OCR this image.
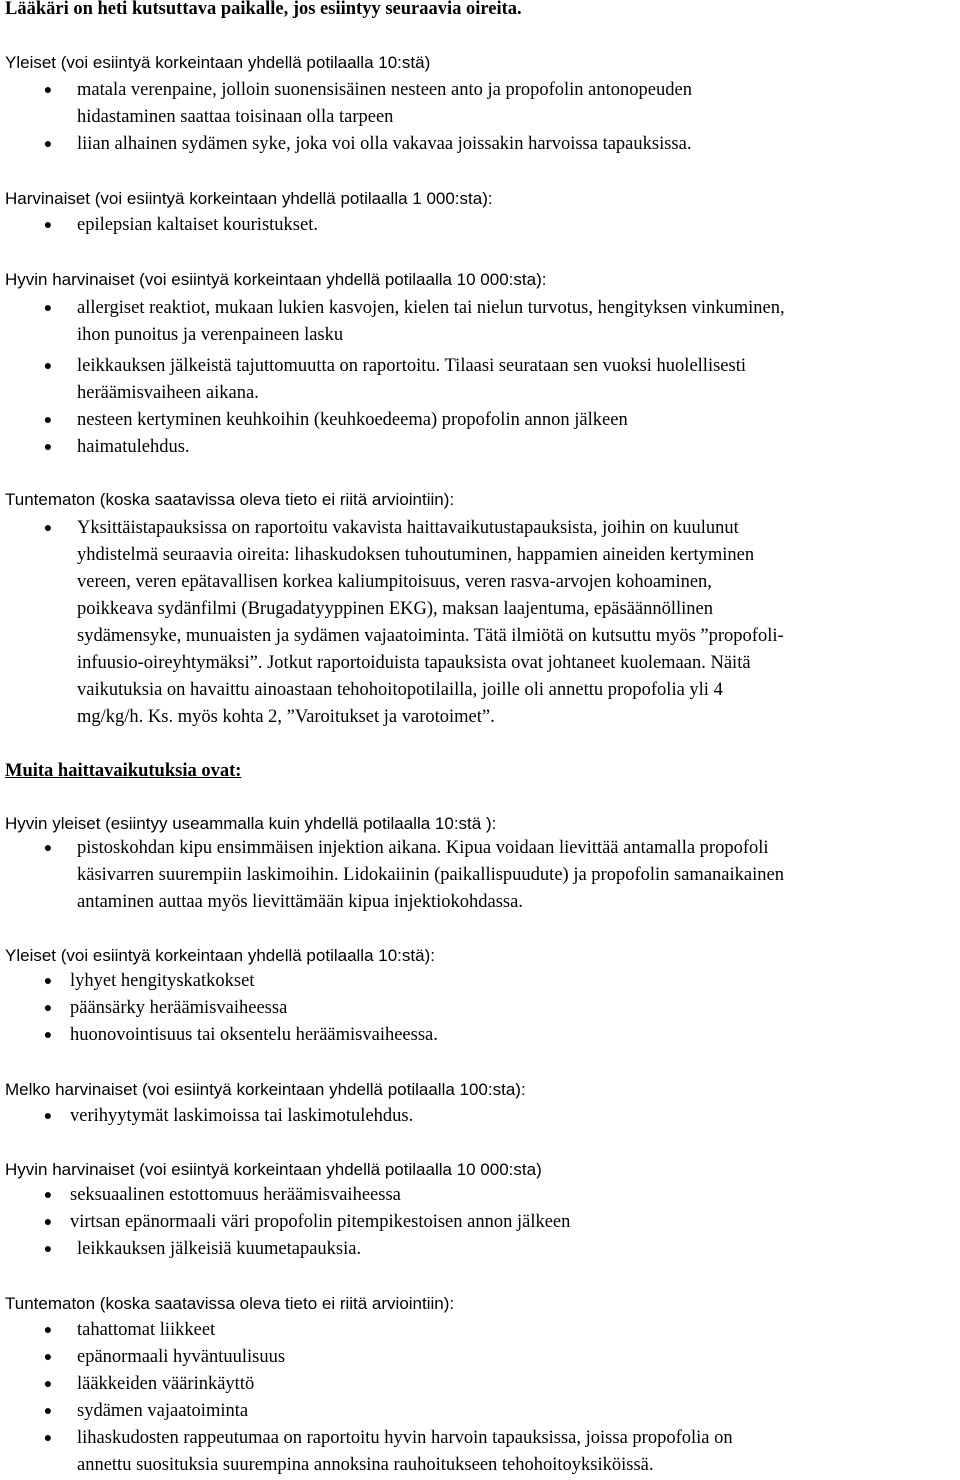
Lääkäri on heti kutsuttava paikalle, jos esiintyy seuraavia oireita.
Yleiset (voi esiintyä korkeintaan yhdellä potilaalla 10:stä)
● matala verenpaine, jolloin suonensisäinen nesteen anto ja propofolin antonopeuden
hidastaminen saattaa toisinaan olla tarpeen
● liian alhainen sydämen syke, joka voi olla vakavaa joissakin harvoissa tapauksissa.
Harvinaiset (voi esiintyä korkeintaan yhdellä potilaalla 1 000:sta):
● epilepsian kaltaiset kouristukset.
Hyvin harvinaiset (voi esiintyä korkeintaan yhdellä potilaalla 10 000:sta):
● allergiset reaktiot, mukaan lukien kasvojen, kielen tai nielun turvotus, hengityksen vinkuminen,
ihon punoitus ja verenpaineen lasku
● leikkauksen jälkeistä tajuttomuutta on raportoitu. Tilaasi seurataan sen vuoksi huolellisesti
heräämisvaiheen aikana.
● nesteen kertyminen keuhkoihin (keuhkoedeema) propofolin annon jälkeen
● haimatulehdus.
Tuntematon (koska saatavissa oleva tieto ei riitä arviointiin):
● Yksittäistapauksissa on raportoitu vakavista haittavaikutustapauksista, joihin on kuulunut
yhdistelmä seuraavia oireita: lihaskudoksen tuhoutuminen, happamien aineiden kertyminen
vereen, veren epätavallisen korkea kaliumpitoisuus, veren rasva-arvojen kohoaminen,
poikkeava sydänfilmi (Brugadatyyppinen EKG), maksan laajentuma, epäsäännöllinen
sydämensyke, munuaisten ja sydämen vajaatoiminta. Tätä ilmiötä on kutsuttu myös ”propofoli-
infuusio-oireyhtymäksi”. Jotkut raportoiduista tapauksista ovat johtaneet kuolemaan. Näitä
vaikutuksia on havaittu ainoastaan tehohoitopotilailla, joille oli annettu propofolia yli 4
mg/kg/h. Ks. myös kohta 2, ”Varoitukset ja varotoimet”.
Muita haittavaikutuksia ovat:
Hyvin yleiset (esiintyy useammalla kuin yhdellä potilaalla 10:stä ):
● pistoskohdan kipu ensimmäisen injektion aikana. Kipua voidaan lievittää antamalla propofoli
käsivarren suurempiin laskimoihin. Lidokaiinin (paikallispuudute) ja propofolin samanaikainen
antaminen auttaa myös lievittämään kipua injektiokohdassa.
Yleiset (voi esiintyä korkeintaan yhdellä potilaalla 10:stä):
● lyhyet hengityskatkokset
● päänsärky heräämisvaiheessa
● huonovointisuus tai oksentelu heräämisvaiheessa.
Melko harvinaiset (voi esiintyä korkeintaan yhdellä potilaalla 100:sta):
● verihyytymät laskimoissa tai laskimotulehdus.
Hyvin harvinaiset (voi esiintyä korkeintaan yhdellä potilaalla 10 000:sta)
● seksuaalinen estottomuus heräämisvaiheessa
● virtsan epänormaali väri propofolin pitempikestoisen annon jälkeen
● leikkauksen jälkeisiä kuumetapauksia.
Tuntematon (koska saatavissa oleva tieto ei riitä arviointiin):
● tahattomat liikkeet
● epänormaali hyväntuulisuus
● lääkkeiden väärinkäyttö
● sydämen vajaatoiminta
● lihaskudosten rappeutumaa on raportoitu hyvin harvoin tapauksissa, joissa propofolia on
annettu suosituksia suurempina annoksina rauhoitukseen tehohoitoyksiköissä.
